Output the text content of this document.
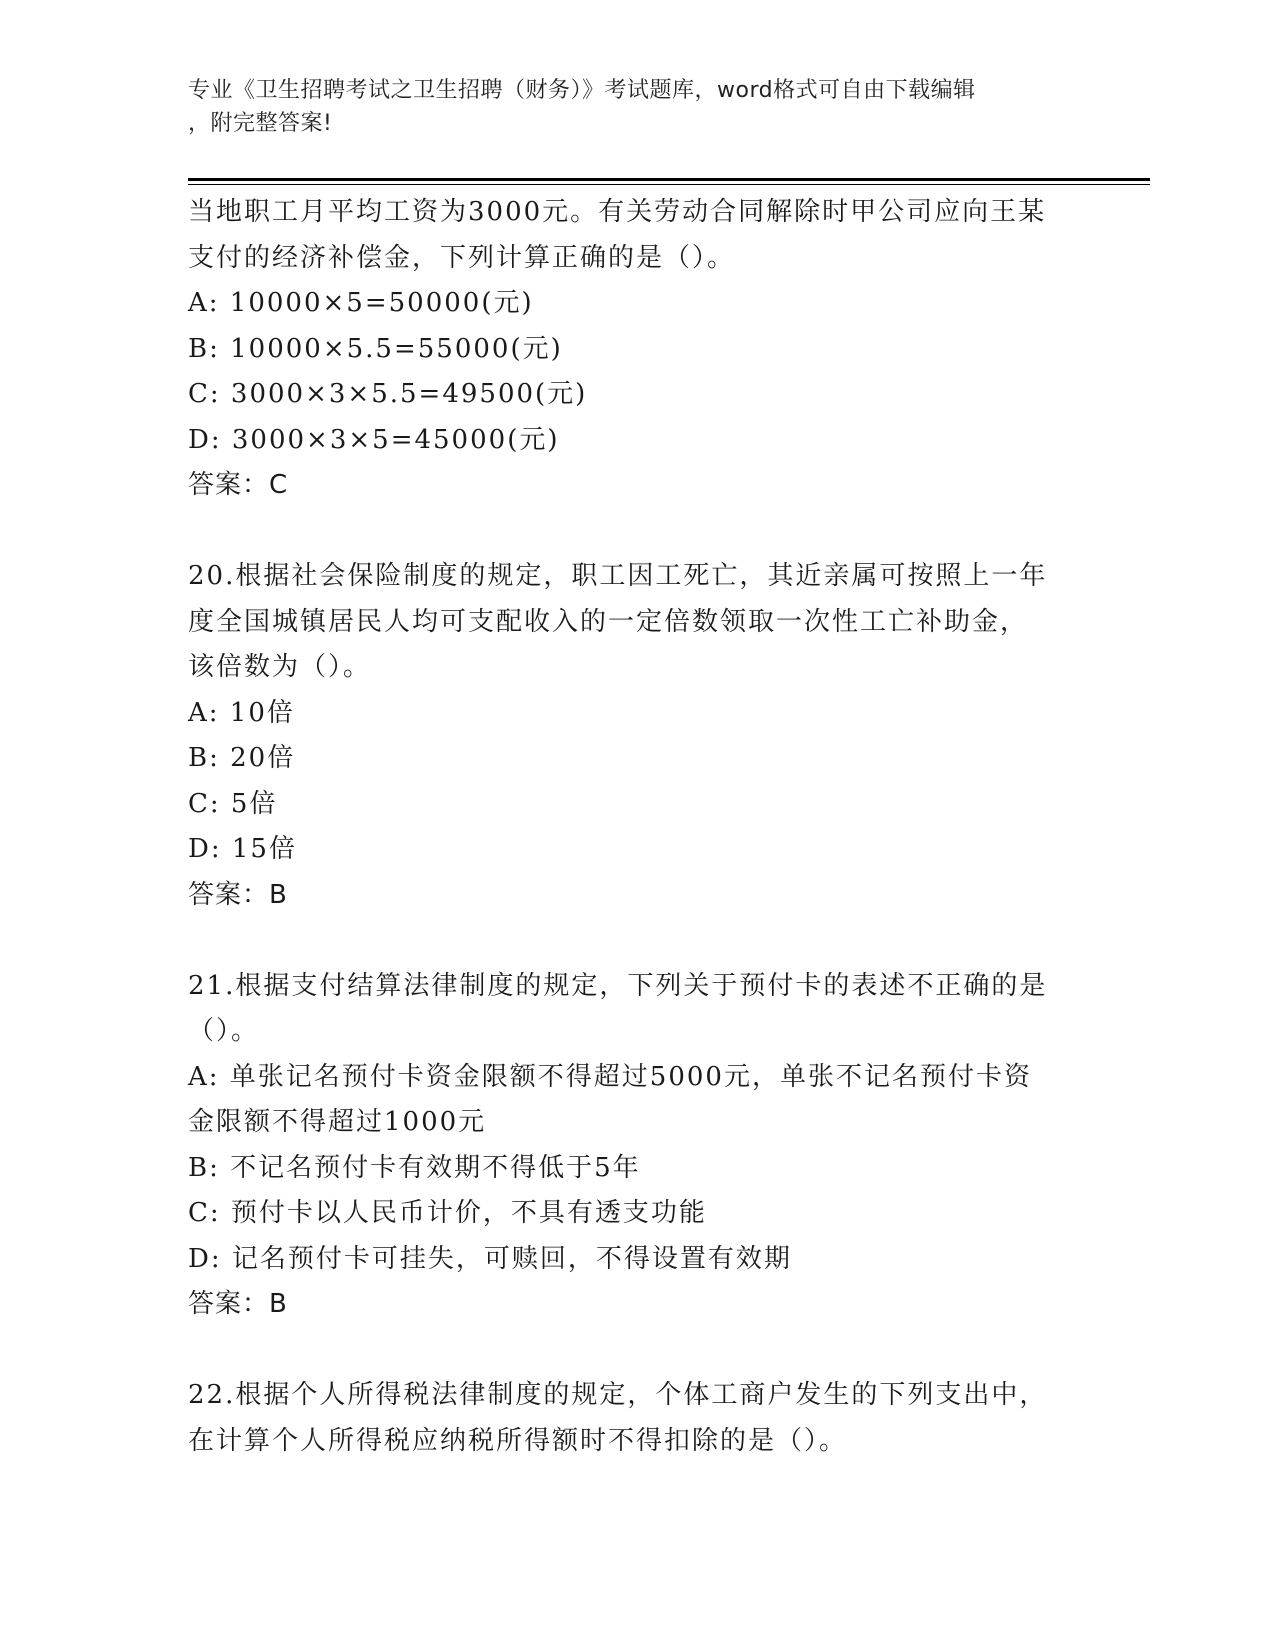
专业《卫生招聘考试之卫生招聘（财务）》考试题库，word格式可自由下载编辑
，附完整答案!
当地职工月平均工资为3000元。有关劳动合同解除时甲公司应向王某
支付的经济补偿金，下列计算正确的是（）。
A: 10000×5=50000(元)
B: 10000×5.5=55000(元)
C: 3000×3×5.5=49500(元)
D: 3000×3×5=45000(元)
答案：C
20.根据社会保险制度的规定，职工因工死亡，其近亲属可按照上一年
度全国城镇居民人均可支配收入的一定倍数领取一次性工亡补助金，
该倍数为（）。
A: 10倍
B: 20倍
C: 5倍
D: 15倍
答案：B
21.根据支付结算法律制度的规定，下列关于预付卡的表述不正确的是
（）。
A: 单张记名预付卡资金限额不得超过5000元，单张不记名预付卡资
金限额不得超过1000元
B: 不记名预付卡有效期不得低于5年
C: 预付卡以人民币计价，不具有透支功能
D: 记名预付卡可挂失，可赎回，不得设置有效期
答案：B
22.根据个人所得税法律制度的规定，个体工商户发生的下列支出中，
在计算个人所得税应纳税所得额时不得扣除的是（）。
